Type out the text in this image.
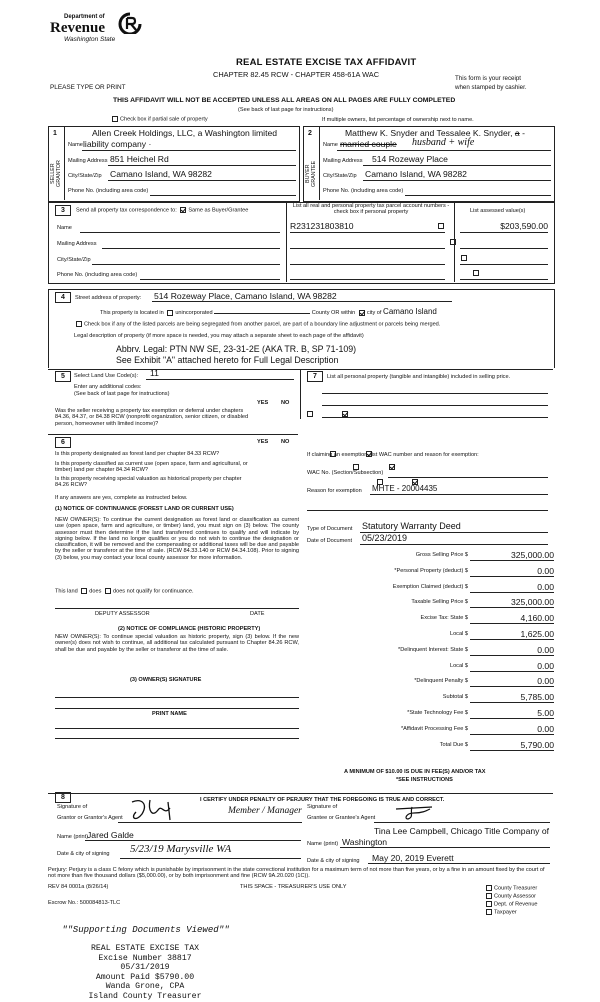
Department of
Revenue
Washington State
PLEASE TYPE OR PRINT
REAL ESTATE EXCISE TAX AFFIDAVIT
CHAPTER 82.45 RCW - CHAPTER 458-61A WAC	This form is your receipt
when stamped by cashier.
THIS AFFIDAVIT WILL NOT BE ACCEPTED UNLESS ALL AREAS ON ALL PAGES ARE FULLY COMPLETED
(See back of last page for instructions)
Check box if partial sale of property	If multiple owners, list percentage of ownership next to name.
1	2
SELLER GRANTOR	BUYER GRANTEE
Allen Creek Holdings, LLC, a Washington limited
Name liability company ·
Mailing Address 851 Heichel Rd
City/State/Zip Camano Island, WA 98282
Phone No. (including area code)
Matthew K. Snyder and Tessalee K. Snyder, a -
Name married couple husband + wife
Mailing Address 514 Rozeway Place
City/State/Zip Camano Island, WA 98282
Phone No. (including area code)
3	Send all property tax correspondence to: Same as Buyer/Grantee
List all real and personal property tax parcel account numbers - check box if personal property	List assessed value(s)
Name
Mailing Address
City/State/Zip
Phone No. (including area code)
R231231803810	$203,590.00

4	Street address of property: 514 Rozeway Place, Camano Island, WA 98282
This property is located in unincorporated	County OR within city of Camano Island
Check box if any of the listed parcels are being segregated from another parcel, are part of a boundary line adjustment or parcels being merged.
Legal description of property (if more space is needed, you may attach a separate sheet to each page of the affidavit)
Abbrv. Legal: PTN NW SE, 23-31-2E (AKA TR. B, SP 71-109)
See Exhibit "A" attached hereto for Full Legal Description
5	Select Land Use Code(s): 11
Enter any additional codes:
(See back of last page for instructions)
YES NO
Was the seller receiving a property tax exemption or deferral under chapters 84.36, 84.37, or 84.38 RCW (nonprofit organization, senior citizen, or disabled person, homeowner with limited income)?

7	List all personal property (tangible and intangible) included in selling price.
6	YES NO
Is this property designated as forest land per chapter 84.33 RCW?

Is this property classified as current use (open space, farm and agricultural, or timber) land per chapter 84.34 RCW?

Is this property receiving special valuation as historical property per chapter 84.26 RCW?

If any answers are yes, complete as instructed below.
(1) NOTICE OF CONTINUANCE (FOREST LAND OR CURRENT USE)
NEW OWNER(S): To continue the current designation as forest land or classification as current use (open space, farm and agriculture, or timber) land, you must sign on (3) below. The county assessor must then determine if the land transferred continues to qualify and will indicate by signing below. If the land no longer qualifies or you do not wish to continue the designation or classification, it will be removed and the compensating or additional taxes will be due and payable by the seller or transferor at the time of sale. (RCW 84.33.140 or RCW 84.34.108). Prior to signing (3) below, you may contact your local county assessor for more information.
This land does does not qualify for continuance.
DEPUTY ASSESSOR	DATE
(2) NOTICE OF COMPLIANCE (HISTORIC PROPERTY)
NEW OWNER(S): To continue special valuation as historic property, sign (3) below. If the new owner(s) does not wish to continue, all additional tax calculated pursuant to Chapter 84.26 RCW, shall be due and payable by the seller or transferor at the time of sale.
(3) OWNER(S) SIGNATURE
PRINT NAME
If claiming an exemption, list WAC number and reason for exemption:
WAC No. (Section/Subsection)
Reason for exemption MHTE - 20004435
Type of Document Statutory Warranty Deed
Date of Document 05/23/2019
Gross Selling Price $	325,000.00
*Personal Property (deduct) $	0.00
Exemption Claimed (deduct) $	0.00
Taxable Selling Price $	325,000.00
Excise Tax: State $	4,160.00
Local $	1,625.00
*Delinquent Interest: State $	0.00
Local $	0.00
*Delinquent Penalty $	0.00
Subtotal $	5,785.00
*State Technology Fee $	5.00
*Affidavit Processing Fee $	0.00
Total Due $	5,790.00
A MINIMUM OF $10.00 IS DUE IN FEE(S) AND/OR TAX
*SEE INSTRUCTIONS
8	I CERTIFY UNDER PENALTY OF PERJURY THAT THE FOREGOING IS TRUE AND CORRECT.
Signature of
Grantor or Grantor's Agent
Member / Manager Signature of
Grantee or Grantee's Agent
Name (print)
Jared Galde	Tina Lee Campbell, Chicago Title Company of
Name (print) Washington
Date & city of signing 5/23/19 Marysville WA
Date & city of signing May 20, 2019 Everett
Perjury: Perjury is a class C felony which is punishable by imprisonment in the state correctional institution for a maximum term of not more than five years, or by a fine in an amount fixed by the court of not more than five thousand dollars ($5,000.00), or by both imprisonment and fine (RCW 9A.20.020 (1C)).
REV 84 0001a (8/26/14)	THIS SPACE - TREASURER'S USE ONLY
Escrow No.: 500084813-TLC
County Treasurer
County Assessor
Dept. of Revenue
Taxpayer
""Supporting Documents Viewed""
REAL ESTATE EXCISE TAX
Excise Number 38817
05/31/2019
Amount Paid $5790.00
Wanda Grone, CPA
Island County Treasurer
